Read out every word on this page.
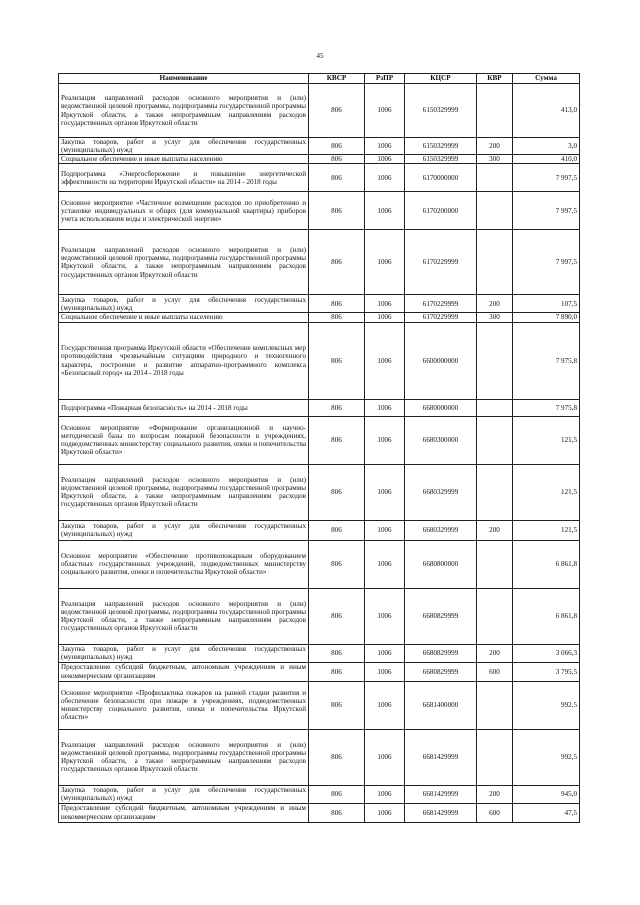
45
Наименование	КВСР	РзПР	КЦСР	КВР	Сумма
Реализация направлений расходов основного мероприятия и (или) ведомственной целевой программы, подпрограммы государственной программы Иркутской области, а также непрограммным направлениям расходов государственных органов Иркутской области	806	1006	6150329999		413,0
Закупка товаров, работ и услуг для обеспечения государственных (муниципальных) нужд	806	1006	6150329999	200	3,0
Социальное обеспечение и иные выплаты населению	806	1006	6150329999	300	410,0
Подпрограмма «Энергосбережение и повышение энергетической эффективности на территории Иркутской области» на 2014 - 2018 годы	806	1006	6170000000		7 997,5
Основное мероприятие «Частичное возмещение расходов по приобретению и установке индивидуальных и общих (для коммунальной квартиры) приборов учета использования воды и электрической энергии»	806	1006	6170200000		7 997,5
Реализация направлений расходов основного мероприятия и (или) ведомственной целевой программы, подпрограммы государственной программы Иркутской области, а также непрограммным направлениям расходов государственных органов Иркутской области	806	1006	6170229999		7 997,5
Закупка товаров, работ и услуг для обеспечения государственных (муниципальных) нужд	806	1006	6170229999	200	107,5
Социальное обеспечение и иные выплаты населению	806	1006	6170229999	300	7 890,0
Государственная программа Иркутской области «Обеспечение комплексных мер противодействия чрезвычайным ситуациям природного и техногенного характера, построение и развитие аппаратно-программного комплекса «Безопасный город» на 2014 - 2018 годы	806	1006	6600000000		7 975,8
Подпрограмма «Пожарная безопасность» на 2014 - 2018 годы	806	1006	6680000000		7 975,8
Основное мероприятие «Формирование организационной и научно-методической базы по вопросам пожарной безопасности в учреждениях, подведомственных министерству социального развития, опеки и попечительства Иркутской области»	806	1006	6680300000		121,5
Реализация направлений расходов основного мероприятия и (или) ведомственной целевой программы, подпрограммы государственной программы Иркутской области, а также непрограммным направлениям расходов государственных органов Иркутской области	806	1006	6680329999		121,5
Закупка товаров, работ и услуг для обеспечения государственных (муниципальных) нужд	806	1006	6680329999	200	121,5
Основное мероприятие «Обеспечение противопожарным оборудованием областных государственных учреждений, подведомственных министерству социального развития, опеки и попечительства Иркутской области»	806	1006	6680800000		6 861,8
Реализация направлений расходов основного мероприятия и (или) ведомственной целевой программы, подпрограммы государственной программы Иркутской области, а также непрограммным направлениям расходов государственных органов Иркутской области	806	1006	6680829999		6 861,8
Закупка товаров, работ и услуг для обеспечения государственных (муниципальных) нужд	806	1006	6680829999	200	3 066,3
Предоставление субсидий бюджетным, автономным учреждениям и иным некоммерческим организациям	806	1006	6680829999	600	3 795,5
Основное мероприятие «Профилактика пожаров на ранней стадии развития и обеспечение безопасности при пожаре в учреждениях, подведомственных министерству социального развития, опеки и попечительства Иркутской области»	806	1006	6681400000		992,5
Реализация направлений расходов основного мероприятия и (или) ведомственной целевой программы, подпрограммы государственной программы Иркутской области, а также непрограммным направлениям расходов государственных органов Иркутской области	806	1006	6681429999		992,5
Закупка товаров, работ и услуг для обеспечения государственных (муниципальных) нужд	806	1006	6681429999	200	945,0
Предоставление субсидий бюджетным, автономным учреждениям и иным некоммерческим организациям	806	1006	6681429999	600	47,5
